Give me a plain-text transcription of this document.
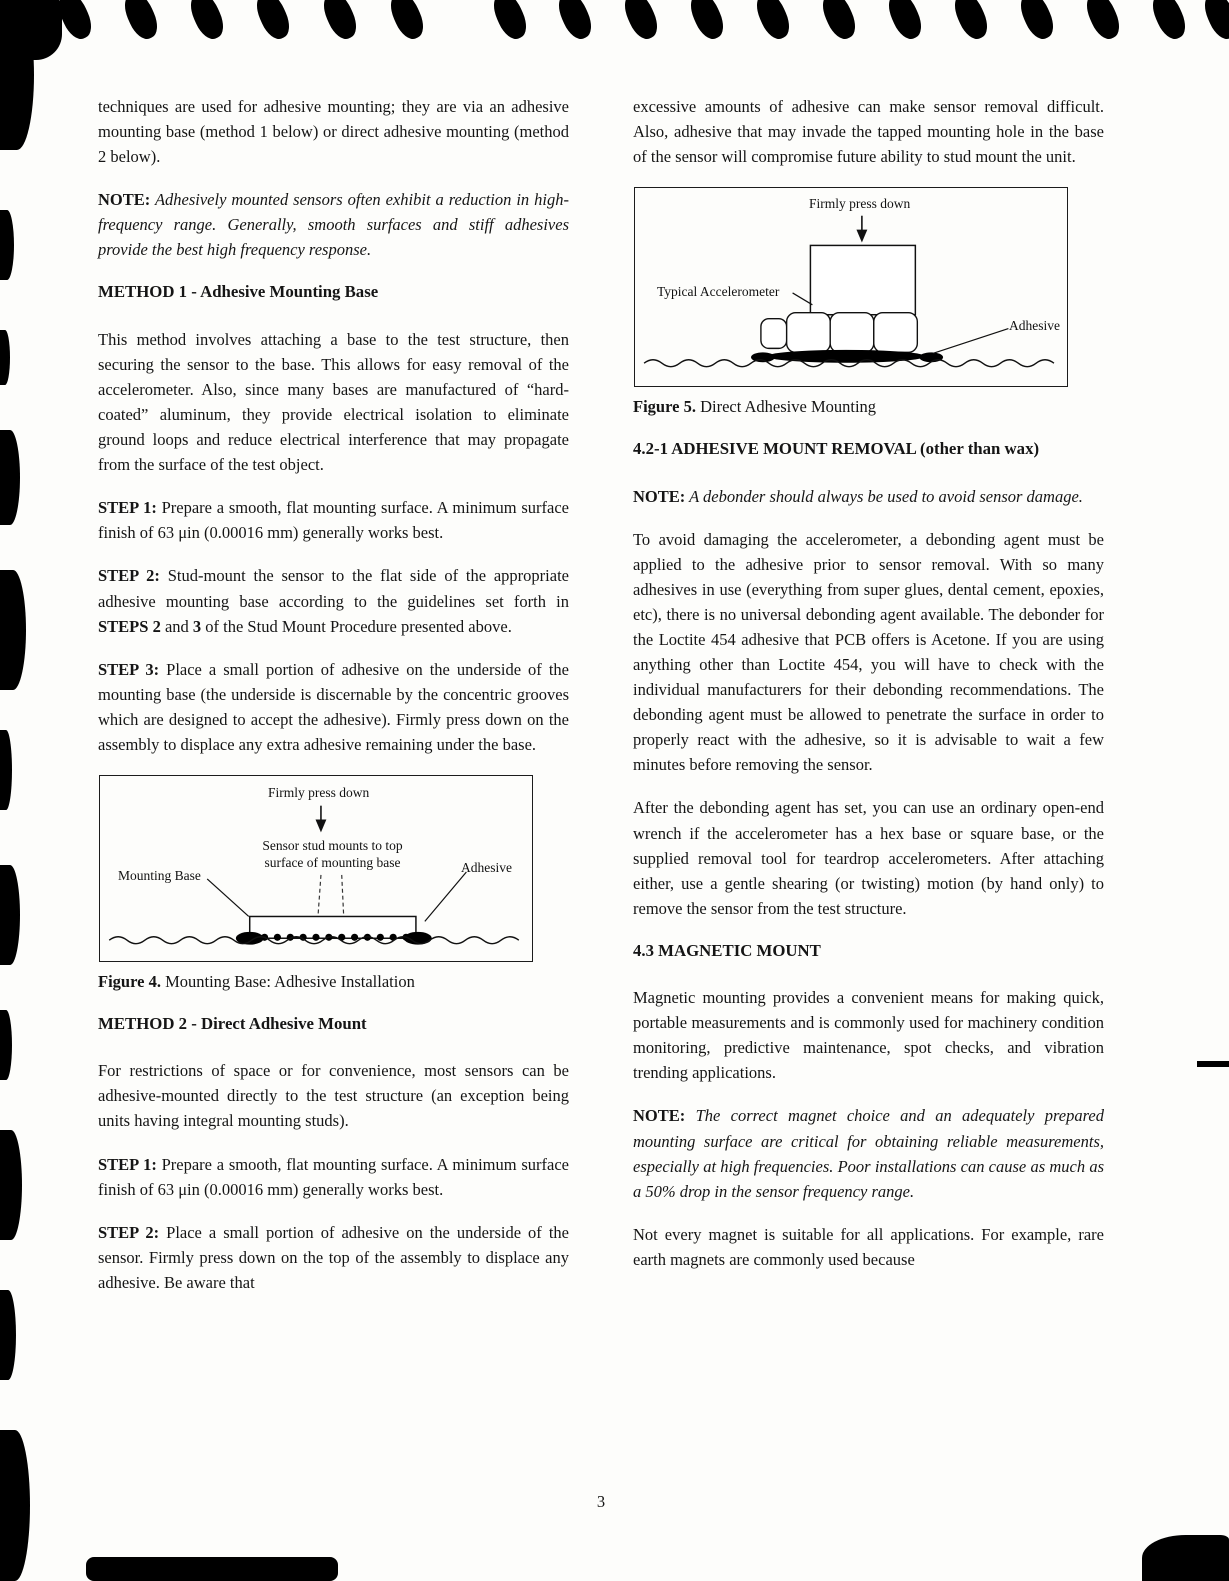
techniques are used for adhesive mounting; they are via an adhesive mounting base (method 1 below) or direct adhesive mounting (method 2 below).

NOTE: Adhesively mounted sensors often exhibit a reduction in high-frequency range. Generally, smooth surfaces and stiff adhesives provide the best high frequency response.

METHOD 1 - Adhesive Mounting Base

This method involves attaching a base to the test structure, then securing the sensor to the base. This allows for easy removal of the accelerometer. Also, since many bases are manufactured of “hard-coated” aluminum, they provide electrical isolation to eliminate ground loops and reduce electrical interference that may propagate from the surface of the test object.

STEP 1: Prepare a smooth, flat mounting surface. A minimum surface finish of 63 μin (0.00016 mm) generally works best.

STEP 2: Stud-mount the sensor to the flat side of the appropriate adhesive mounting base according to the guidelines set forth in STEPS 2 and 3 of the Stud Mount Procedure presented above.

STEP 3: Place a small portion of adhesive on the underside of the mounting base (the underside is discernable by the concentric grooves which are designed to accept the adhesive). Firmly press down on the assembly to displace any extra adhesive remaining under the base.

Firmly press down
Sensor stud mounts to top
surface of mounting base
Mounting Base
Adhesive
Figure 4. Mounting Base: Adhesive Installation
METHOD 2 - Direct Adhesive Mount

For restrictions of space or for convenience, most sensors can be adhesive-mounted directly to the test structure (an exception being units having integral mounting studs).

STEP 1: Prepare a smooth, flat mounting surface. A minimum surface finish of 63 μin (0.00016 mm) generally works best.

STEP 2: Place a small portion of adhesive on the underside of the sensor. Firmly press down on the top of the assembly to displace any adhesive. Be aware that

excessive amounts of adhesive can make sensor removal difficult. Also, adhesive that may invade the tapped mounting hole in the base of the sensor will compromise future ability to stud mount the unit.

Firmly press down
Typical Accelerometer
Adhesive
Figure 5. Direct Adhesive Mounting
4.2-1 ADHESIVE MOUNT REMOVAL (other than wax)

NOTE: A debonder should always be used to avoid sensor damage.

To avoid damaging the accelerometer, a debonding agent must be applied to the adhesive prior to sensor removal. With so many adhesives in use (everything from super glues, dental cement, epoxies, etc), there is no universal debonding agent available. The debonder for the Loctite 454 adhesive that PCB offers is Acetone. If you are using anything other than Loctite 454, you will have to check with the individual manufacturers for their debonding recommendations. The debonding agent must be allowed to penetrate the surface in order to properly react with the adhesive, so it is advisable to wait a few minutes before removing the sensor.

After the debonding agent has set, you can use an ordinary open-end wrench if the accelerometer has a hex base or square base, or the supplied removal tool for teardrop accelerometers. After attaching either, use a gentle shearing (or twisting) motion (by hand only) to remove the sensor from the test structure.

4.3 MAGNETIC MOUNT

Magnetic mounting provides a convenient means for making quick, portable measurements and is commonly used for machinery condition monitoring, predictive maintenance, spot checks, and vibration trending applications.

NOTE: The correct magnet choice and an adequately prepared mounting surface are critical for obtaining reliable measurements, especially at high frequencies. Poor installations can cause as much as a 50% drop in the sensor frequency range.

Not every magnet is suitable for all applications. For example, rare earth magnets are commonly used because

3
